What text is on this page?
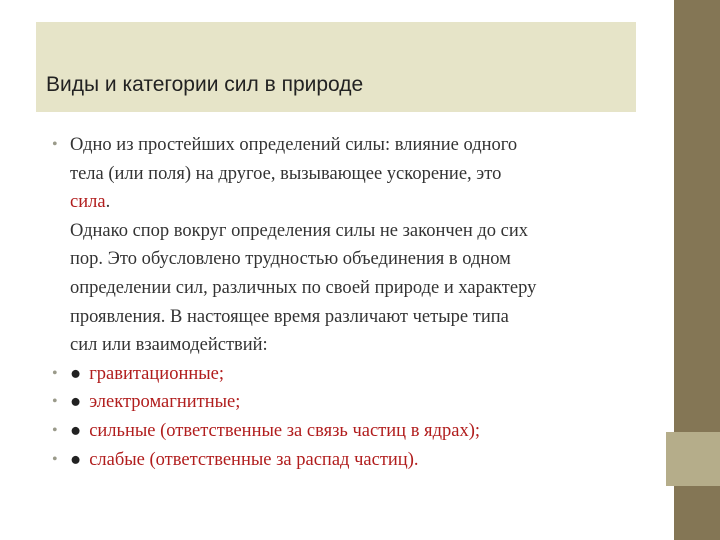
Виды и категории сил в природе
• Одно из простейших определений силы: влияние одного
тела (или поля) на другое, вызывающее ускорение, это
сила.
Однако спор вокруг определения силы не закончен до сих
пор. Это обусловлено трудностью объединения в одном
определении сил, различных по своей природе и характеру
проявления. В настоящее время различают четыре типа
сил или взаимодействий:
• ● гравитационные;
• ● электромагнитные;
• ● сильные (ответственные за связь частиц в ядрах);
• ● слабые (ответственные за распад частиц).
